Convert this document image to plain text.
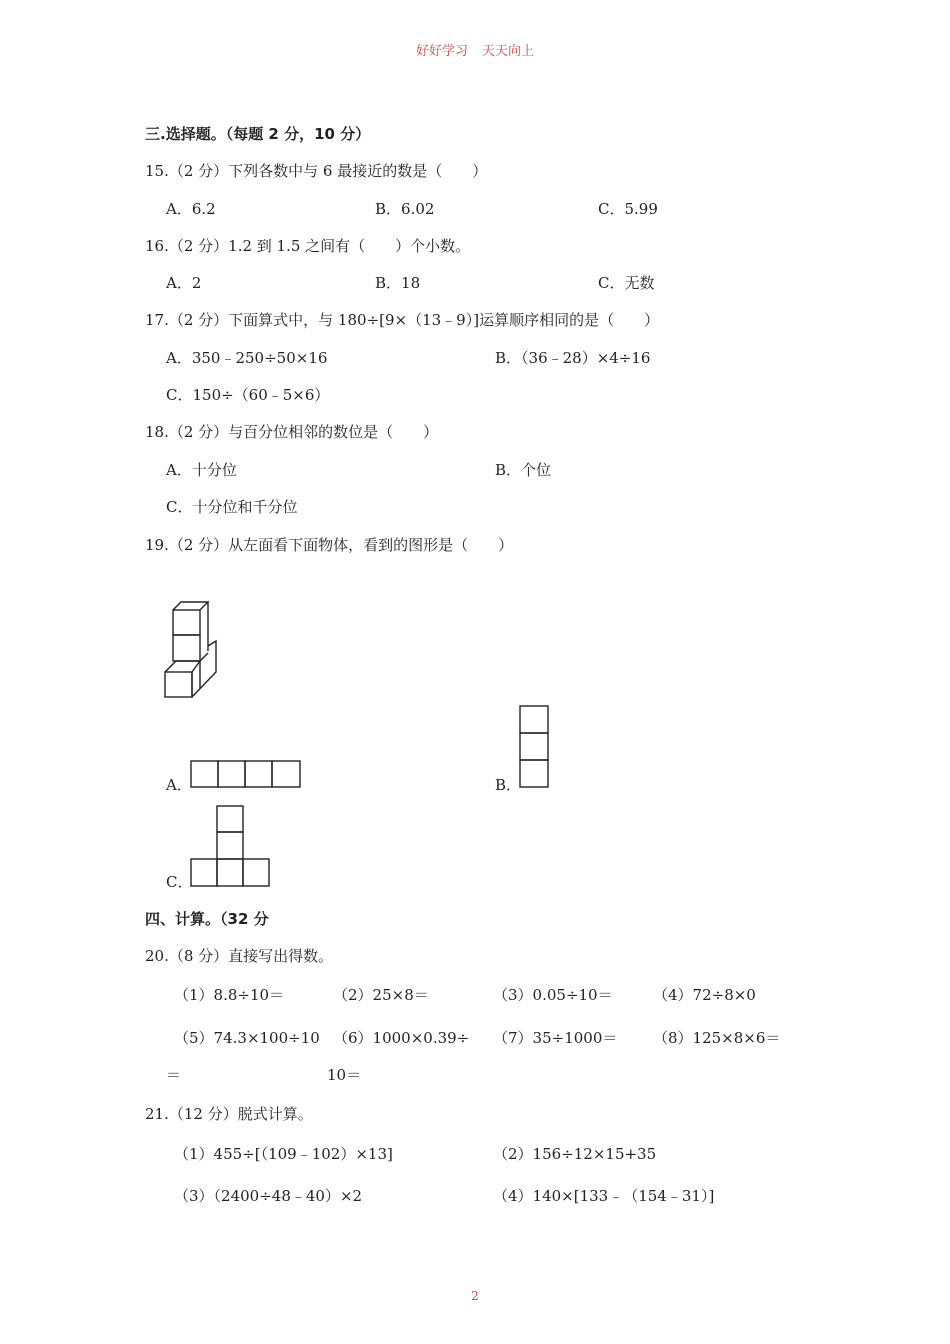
好好学习 天天向上
三.选择题。（每题 2 分，10 分）
15.（2 分）下列各数中与 6 最接近的数是（　　）
A．6.2	B．6.02	C．5.99
16.（2 分）1.2 到 1.5 之间有（　　）个小数。
A．2	B．18	C．无数
17.（2 分）下面算式中，与 180÷[9×（13﹣9）]运算顺序相同的是（　　）
A．350﹣250÷50×16	B．（36﹣28）×4÷16
C．150÷（60﹣5×6）
18.（2 分）与百分位相邻的数位是（　　）
A．十分位	B．个位
C．十分位和千分位
19.（2 分）从左面看下面物体，看到的图形是（　　）
A．	B．
C．
四、计算。（32 分
20.（8 分）直接写出得数。
（1）8.8÷10＝	（2）25×8＝	（3）0.05÷10＝	（4）72÷8×0
（5）74.3×100÷10 （6）1000×0.39÷ （7）35÷1000＝ （8）125×8×6＝
＝	10＝
21.（12 分）脱式计算。
（1）455÷[（109﹣102）×13]	（2）156÷12×15+35
（3）（2400÷48﹣40）×2	（4）140×[133﹣（154﹣31）]
2
